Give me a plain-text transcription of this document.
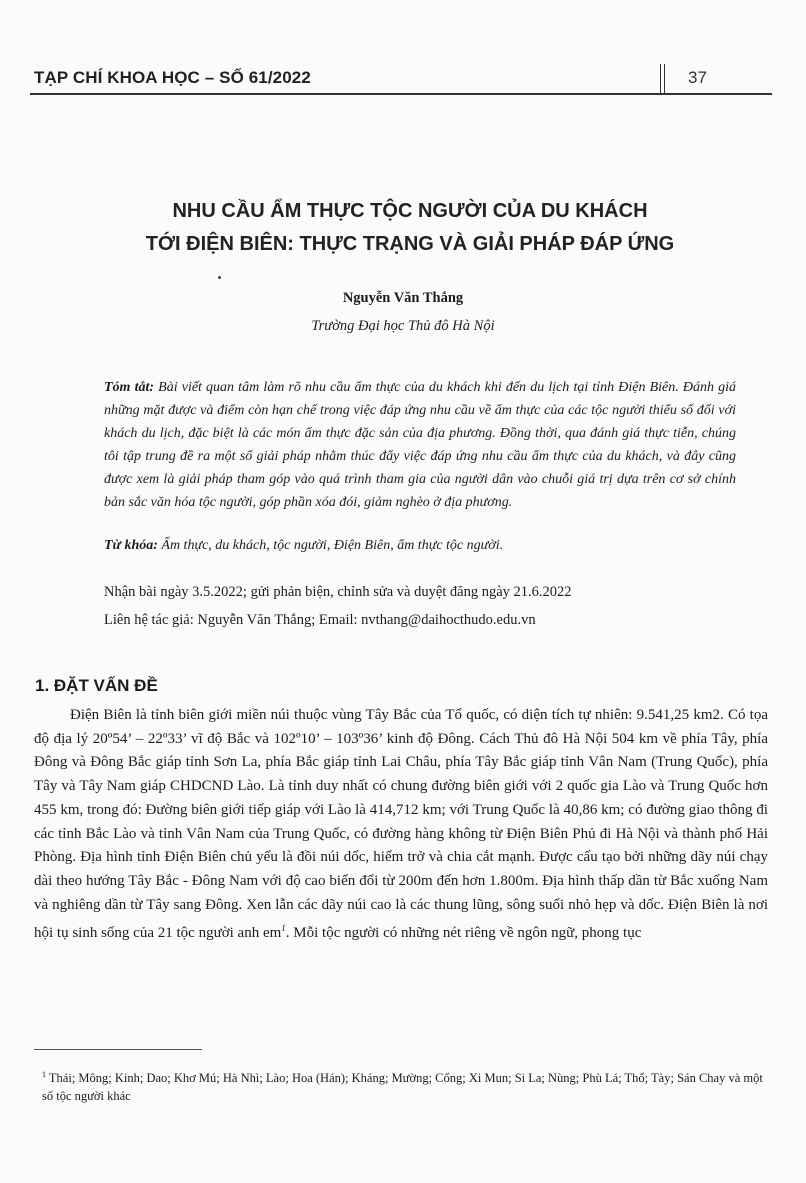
TẠP CHÍ KHOA HỌC – SỐ 61/2022	37
NHU CẦU ẨM THỰC TỘC NGƯỜI CỦA DU KHÁCH
TỚI ĐIỆN BIÊN: THỰC TRẠNG VÀ GIẢI PHÁP ĐÁP ỨNG
Nguyễn Văn Thắng
Trường Đại học Thủ đô Hà Nội
Tóm tắt: Bài viết quan tâm làm rõ nhu cầu ẩm thực của du khách khi đến du lịch tại tỉnh Điện Biên. Đánh giá những mặt được và điểm còn hạn chế trong việc đáp ứng nhu cầu về ẩm thực của các tộc người thiểu số đối với khách du lịch, đặc biệt là các món ẩm thực đặc sản của địa phương. Đồng thời, qua đánh giá thực tiễn, chúng tôi tập trung đề ra một số giải pháp nhằm thúc đẩy việc đáp ứng nhu cầu ẩm thực của du khách, và đây cũng được xem là giải pháp tham góp vào quá trình tham gia của người dân vào chuỗi giá trị dựa trên cơ sở chính bản sắc văn hóa tộc người, góp phần xóa đói, giảm nghèo ở địa phương.
Từ khóa: Ẩm thực, du khách, tộc người, Điện Biên, ẩm thực tộc người.
Nhận bài ngày 3.5.2022; gửi phản biện, chỉnh sửa và duyệt đăng ngày 21.6.2022
Liên hệ tác giả: Nguyễn Văn Thắng; Email: nvthang@daihocthudo.edu.vn
1. ĐẶT VẤN ĐỀ
Điện Biên là tỉnh biên giới miền núi thuộc vùng Tây Bắc của Tổ quốc, có diện tích tự nhiên: 9.541,25 km2. Có tọa độ địa lý 20º54’ – 22º33’ vĩ độ Bắc và 102º10’ – 103º36’ kinh độ Đông. Cách Thủ đô Hà Nội 504 km về phía Tây, phía Đông và Đông Bắc giáp tỉnh Sơn La, phía Bắc giáp tỉnh Lai Châu, phía Tây Bắc giáp tỉnh Vân Nam (Trung Quốc), phía Tây và Tây Nam giáp CHDCND Lào. Là tỉnh duy nhất có chung đường biên giới với 2 quốc gia Lào và Trung Quốc hơn 455 km, trong đó: Đường biên giới tiếp giáp với Lào là 414,712 km; với Trung Quốc là 40,86 km; có đường giao thông đi các tỉnh Bắc Lào và tỉnh Vân Nam của Trung Quốc, có đường hàng không từ Điện Biên Phủ đi Hà Nội và thành phố Hải Phòng. Địa hình tỉnh Điện Biên chủ yếu là đồi núi dốc, hiểm trở và chia cắt mạnh. Được cấu tạo bởi những dãy núi chạy dài theo hướng Tây Bắc - Đông Nam với độ cao biến đổi từ 200m đến hơn 1.800m. Địa hình thấp dần từ Bắc xuống Nam và nghiêng dần từ Tây sang Đông. Xen lẫn các dãy núi cao là các thung lũng, sông suối nhỏ hẹp và dốc. Điện Biên là nơi hội tụ sinh sống của 21 tộc người anh $em^1$. Mỗi tộc người có những nét riêng về ngôn ngữ, phong tục
$^1$ Thái; Mông; Kinh; Dao; Khơ Mú; Hà Nhì; Lào; Hoa (Hán); Kháng; Mường; Cống; Xi Mun; Si La; Nùng; Phù Lá; Thổ; Tày; Sán Chay và một số tộc người khác
